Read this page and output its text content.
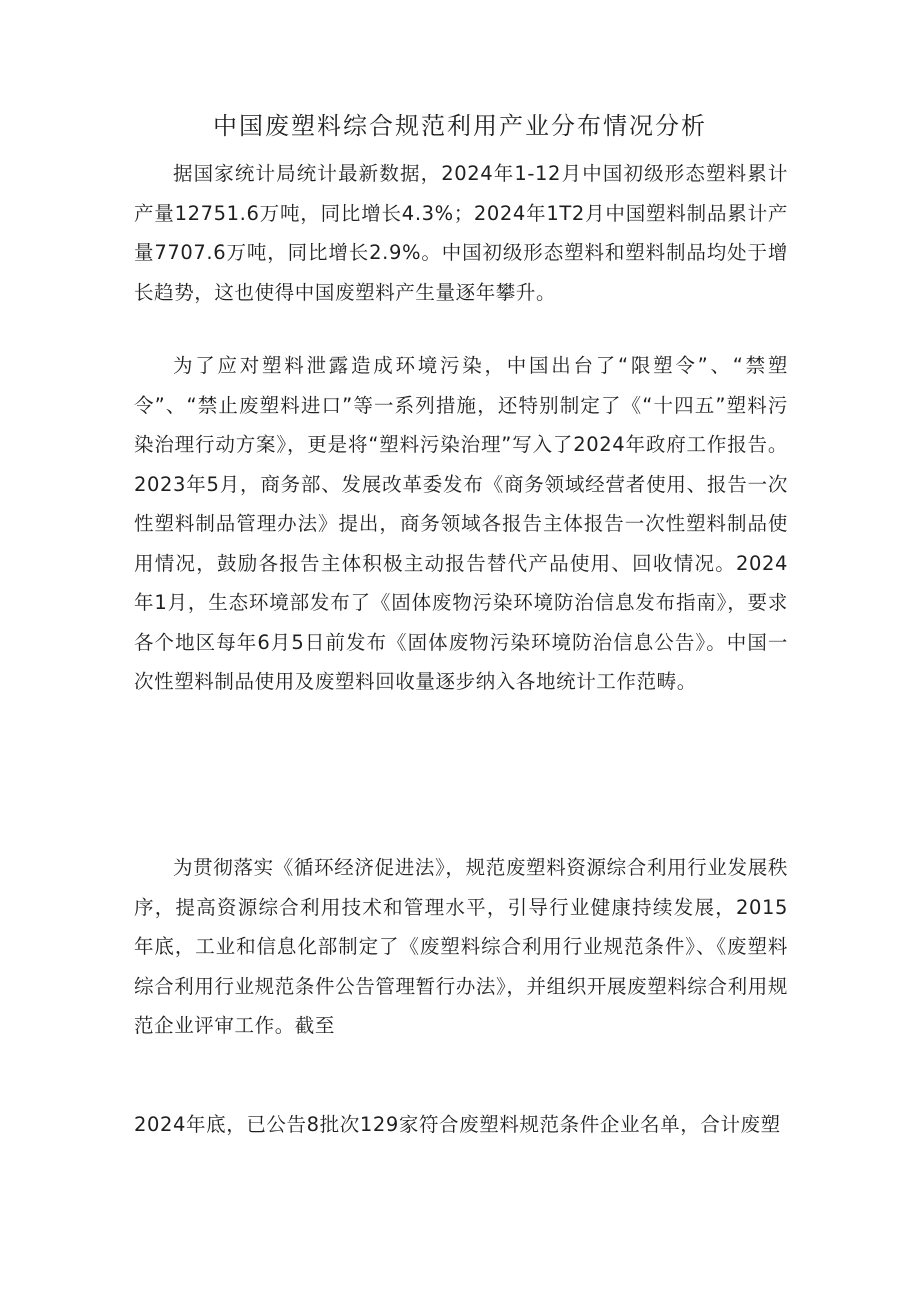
中国废塑料综合规范利用产业分布情况分析

据国家统计局统计最新数据，2024年1-12月中国初级形态塑料累计产量12751.6万吨，同比增长4.3%；2024年1T2月中国塑料制品累计产量7707.6万吨，同比增长2.9%。中国初级形态塑料和塑料制品均处于增长趋势，这也使得中国废塑料产生量逐年攀升。

为了应对塑料泄露造成环境污染，中国出台了“限塑令”、“禁塑令”、“禁止废塑料进口”等一系列措施，还特别制定了《“十四五”塑料污染治理行动方案》，更是将“塑料污染治理”写入了2024年政府工作报告。2023年5月，商务部、发展改革委发布《商务领域经营者使用、报告一次性塑料制品管理办法》提出，商务领域各报告主体报告一次性塑料制品使用情况，鼓励各报告主体积极主动报告替代产品使用、回收情况。2024年1月，生态环境部发布了《固体废物污染环境防治信息发布指南》，要求各个地区每年6月5日前发布《固体废物污染环境防治信息公告》。中国一次性塑料制品使用及废塑料回收量逐步纳入各地统计工作范畴。

为贯彻落实《循环经济促进法》，规范废塑料资源综合利用行业发展秩序，提高资源综合利用技术和管理水平，引导行业健康持续发展，2015年底，工业和信息化部制定了《废塑料综合利用行业规范条件》、《废塑料综合利用行业规范条件公告管理暂行办法》，并组织开展废塑料综合利用规范企业评审工作。截至

2024年底，已公告8批次129家符合废塑料规范条件企业名单，合计废塑
